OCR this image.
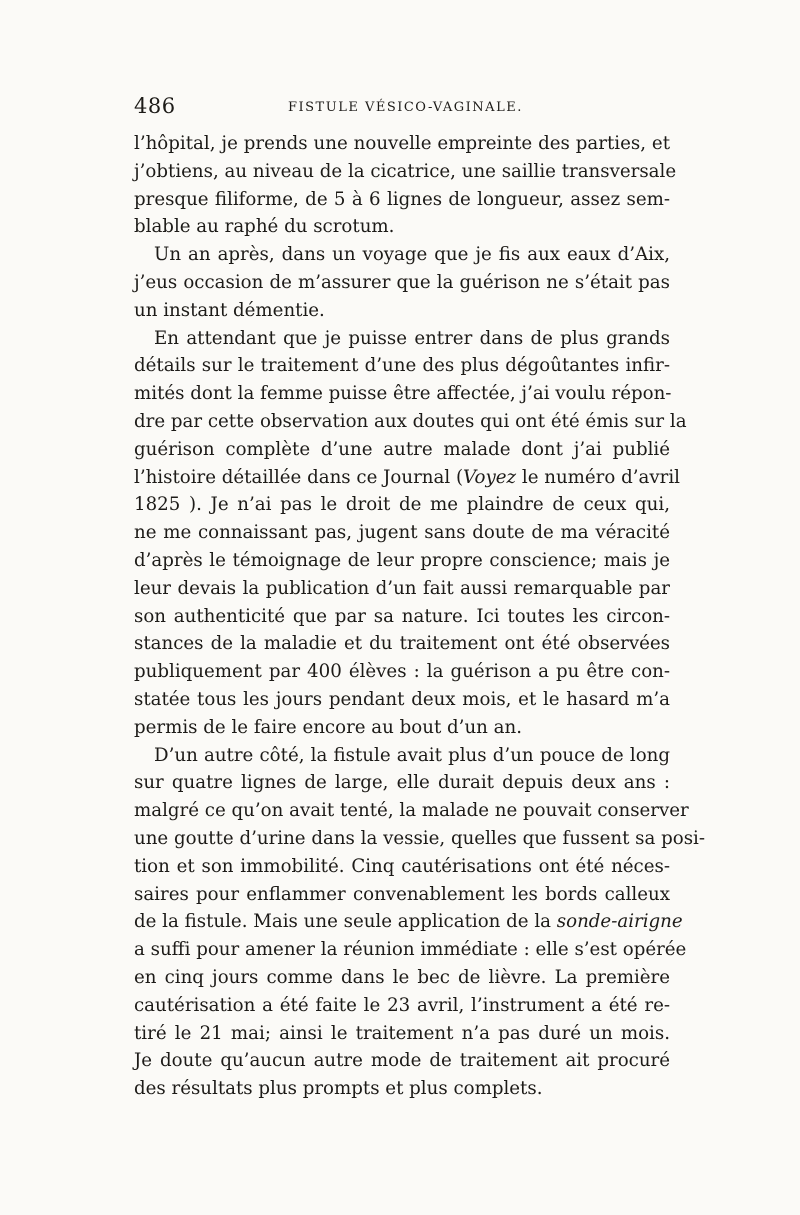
486	FISTULE VÉSICO-VAGINALE.
l’hôpital, je prends une nouvelle empreinte des parties, et
j’obtiens, au niveau de la cicatrice, une saillie transversale
presque filiforme, de 5 à 6 lignes de longueur, assez sem-
blable au raphé du scrotum.
Un an après, dans un voyage que je fis aux eaux d’Aix,
j’eus occasion de m’assurer que la guérison ne s’était pas
un instant démentie.
En attendant que je puisse entrer dans de plus grands
détails sur le traitement d’une des plus dégoûtantes infir-
mités dont la femme puisse être affectée, j’ai voulu répon-
dre par cette observation aux doutes qui ont été émis sur la
guérison complète d’une autre malade dont j’ai publié
l’histoire détaillée dans ce Journal (Voyez le numéro d’avril
1825 ). Je n’ai pas le droit de me plaindre de ceux qui,
ne me connaissant pas, jugent sans doute de ma véracité
d’après le témoignage de leur propre conscience; mais je
leur devais la publication d’un fait aussi remarquable par
son authenticité que par sa nature. Ici toutes les circon-
stances de la maladie et du traitement ont été observées
publiquement par 400 élèves : la guérison a pu être con-
statée tous les jours pendant deux mois, et le hasard m’a
permis de le faire encore au bout d’un an.
D’un autre côté, la fistule avait plus d’un pouce de long
sur quatre lignes de large, elle durait depuis deux ans :
malgré ce qu’on avait tenté, la malade ne pouvait conserver
une goutte d’urine dans la vessie, quelles que fussent sa posi-
tion et son immobilité. Cinq cautérisations ont été néces-
saires pour enflammer convenablement les bords calleux
de la fistule. Mais une seule application de la sonde-airigne
a suffi pour amener la réunion immédiate : elle s’est opérée
en cinq jours comme dans le bec de lièvre. La première
cautérisation a été faite le 23 avril, l’instrument a été re-
tiré le 21 mai; ainsi le traitement n’a pas duré un mois.
Je doute qu’aucun autre mode de traitement ait procuré
des résultats plus prompts et plus complets.
